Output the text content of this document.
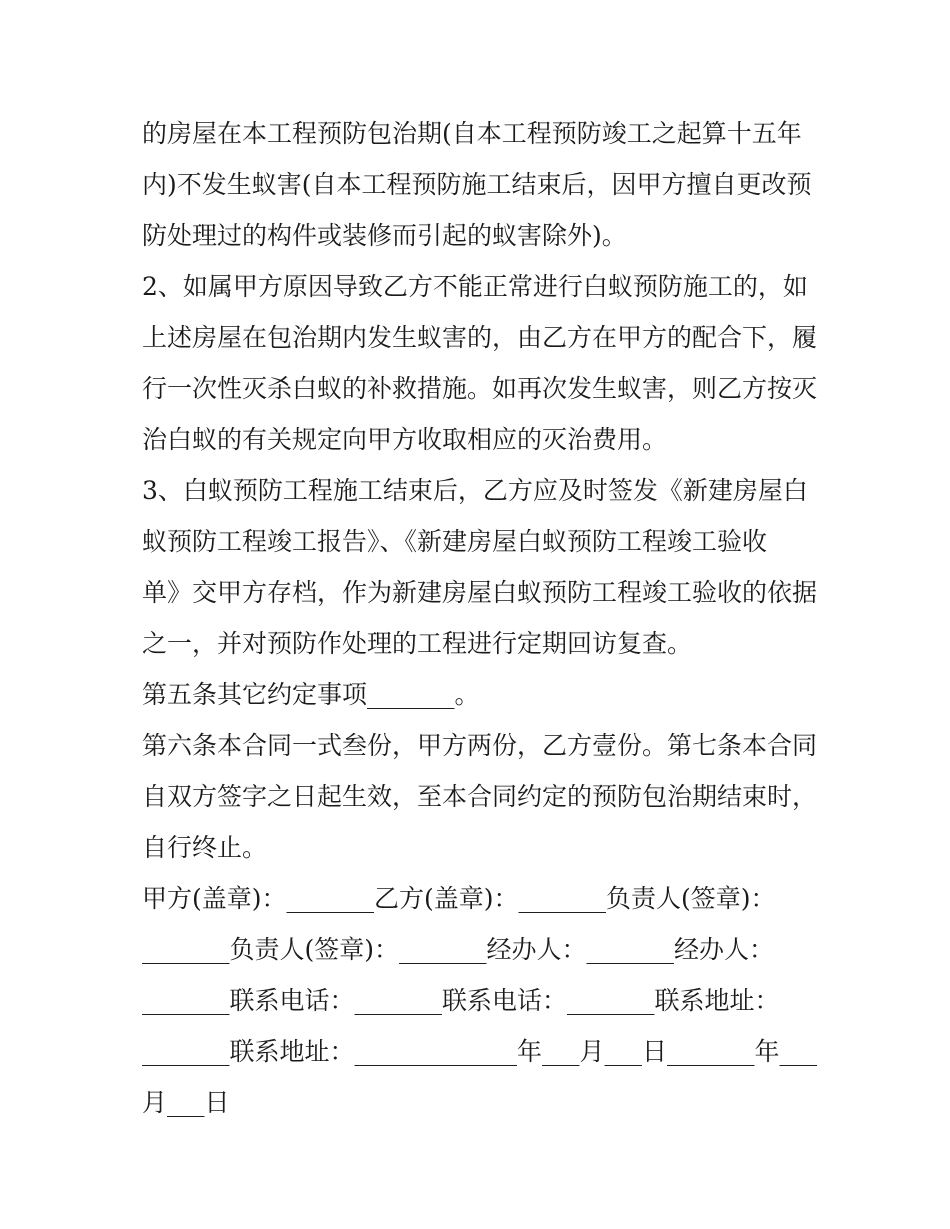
的房屋在本工程预防包治期(自本工程预防竣工之起算十五年
内)不发生蚁害(自本工程预防施工结束后，因甲方擅自更改预
防处理过的构件或装修而引起的蚁害除外)。
2、如属甲方原因导致乙方不能正常进行白蚁预防施工的，如
上述房屋在包治期内发生蚁害的，由乙方在甲方的配合下，履
行一次性灭杀白蚁的补救措施。如再次发生蚁害，则乙方按灭
治白蚁的有关规定向甲方收取相应的灭治费用。
3、白蚁预防工程施工结束后，乙方应及时签发《新建房屋白
蚁预防工程竣工报告》、《新建房屋白蚁预防工程竣工验收
单》交甲方存档，作为新建房屋白蚁预防工程竣工验收的依据
之一，并对预防作处理的工程进行定期回访复查。
第五条其它约定事项_______。
第六条本合同一式叁份，甲方两份，乙方壹份。第七条本合同
自双方签字之日起生效，至本合同约定的预防包治期结束时，
自行终止。
甲方(盖章)：_______乙方(盖章)：_______负责人(签章)：
_______负责人(签章)：_______经办人：_______经办人：
_______联系电话：_______联系电话：_______联系地址：
_______联系地址：_____________年___月___日_______年___
月___日
